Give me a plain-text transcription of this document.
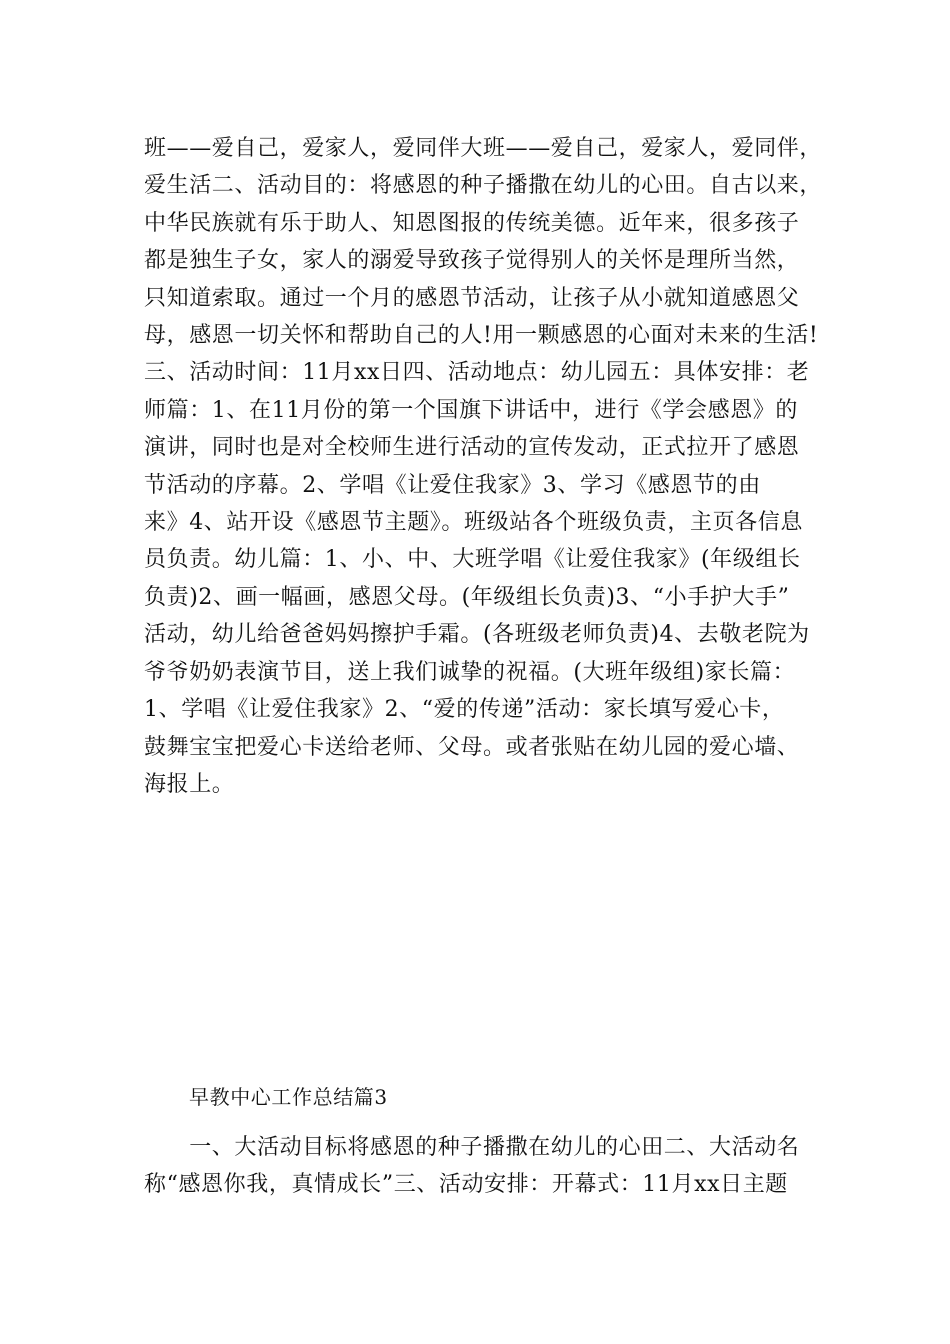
班——爱自己，爱家人，爱同伴大班——爱自己，爱家人，爱同伴，
爱生活二、活动目的：将感恩的种子播撒在幼儿的心田。自古以来，
中华民族就有乐于助人、知恩图报的传统美德。近年来，很多孩子
都是独生子女，家人的溺爱导致孩子觉得别人的关怀是理所当然，
只知道索取。通过一个月的感恩节活动，让孩子从小就知道感恩父
母，感恩一切关怀和帮助自己的人!用一颗感恩的心面对未来的生活!
三、活动时间：11月xx日四、活动地点：幼儿园五：具体安排：老
师篇：1、在11月份的第一个国旗下讲话中，进行《学会感恩》的
演讲，同时也是对全校师生进行活动的宣传发动，正式拉开了感恩
节活动的序幕。2、学唱《让爱住我家》3、学习《感恩节的由
来》4、站开设《感恩节主题》。班级站各个班级负责，主页各信息
员负责。幼儿篇：1、小、中、大班学唱《让爱住我家》(年级组长
负责)2、画一幅画，感恩父母。(年级组长负责)3、“小手护大手”
活动，幼儿给爸爸妈妈擦护手霜。(各班级老师负责)4、去敬老院为
爷爷奶奶表演节目，送上我们诚挚的祝福。(大班年级组)家长篇：
1、学唱《让爱住我家》2、“爱的传递”活动：家长填写爱心卡，
鼓舞宝宝把爱心卡送给老师、父母。或者张贴在幼儿园的爱心墙、
海报上。

早教中心工作总结篇3

　　一、大活动目标将感恩的种子播撒在幼儿的心田二、大活动名
称“感恩你我，真情成长”三、活动安排：开幕式：11月xx日主题
